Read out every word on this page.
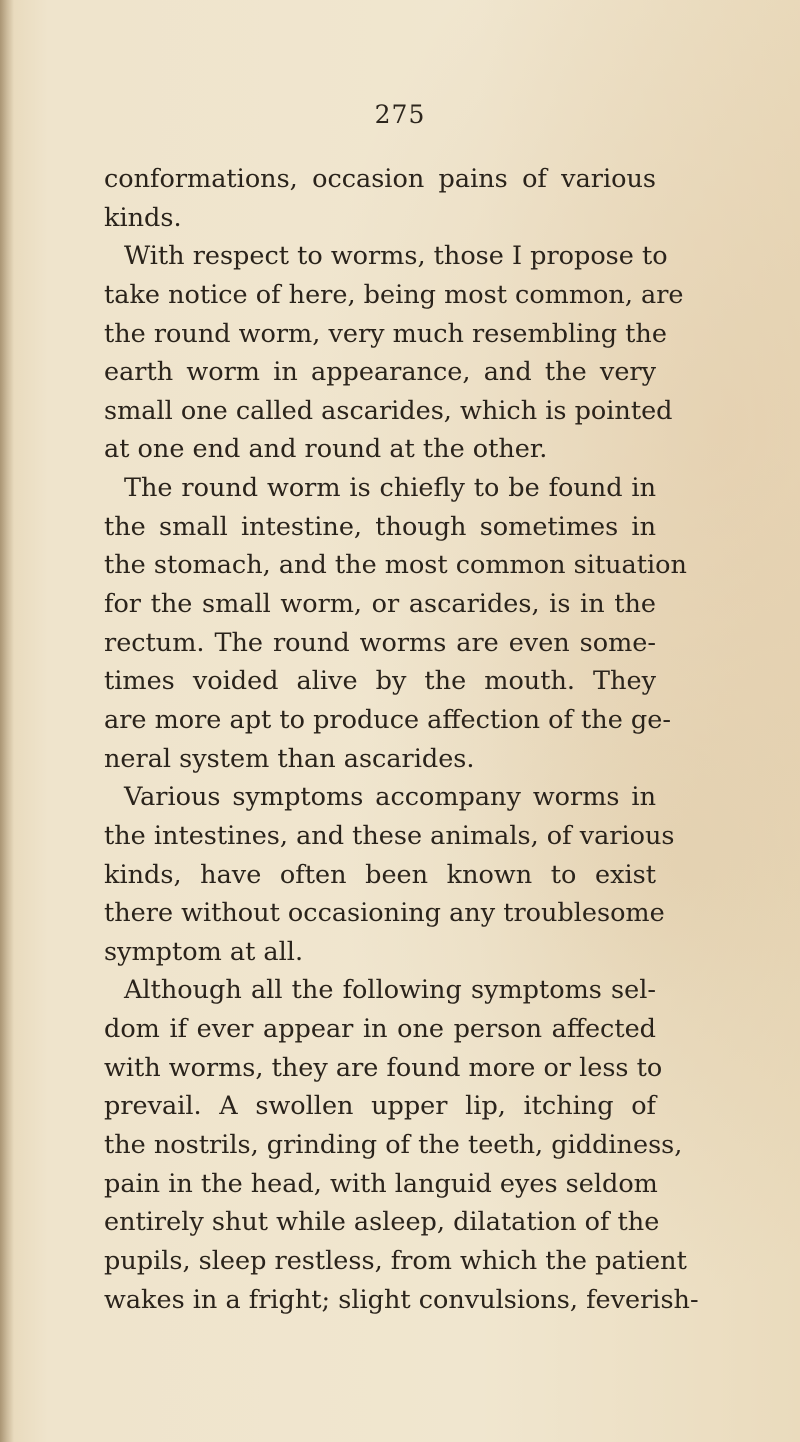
275
conformations, occasion pains of various
kinds.
With respect to worms, those I propose to
take notice of here, being most common, are
the round worm, very much resembling the
earth worm in appearance, and the very
small one called ascarides, which is pointed
at one end and round at the other.
The round worm is chiefly to be found in
the small intestine, though sometimes in
the stomach, and the most common situation
for the small worm, or ascarides, is in the
rectum. The round worms are even some-
times voided alive by the mouth. They
are more apt to produce affection of the ge-
neral system than ascarides.
Various symptoms accompany worms in
the intestines, and these animals, of various
kinds, have often been known to exist
there without occasioning any troublesome
symptom at all.
Although all the following symptoms sel-
dom if ever appear in one person affected
with worms, they are found more or less to
prevail. A swollen upper lip, itching of
the nostrils, grinding of the teeth, giddiness,
pain in the head, with languid eyes seldom
entirely shut while asleep, dilatation of the
pupils, sleep restless, from which the patient
wakes in a fright; slight convulsions, feverish-
